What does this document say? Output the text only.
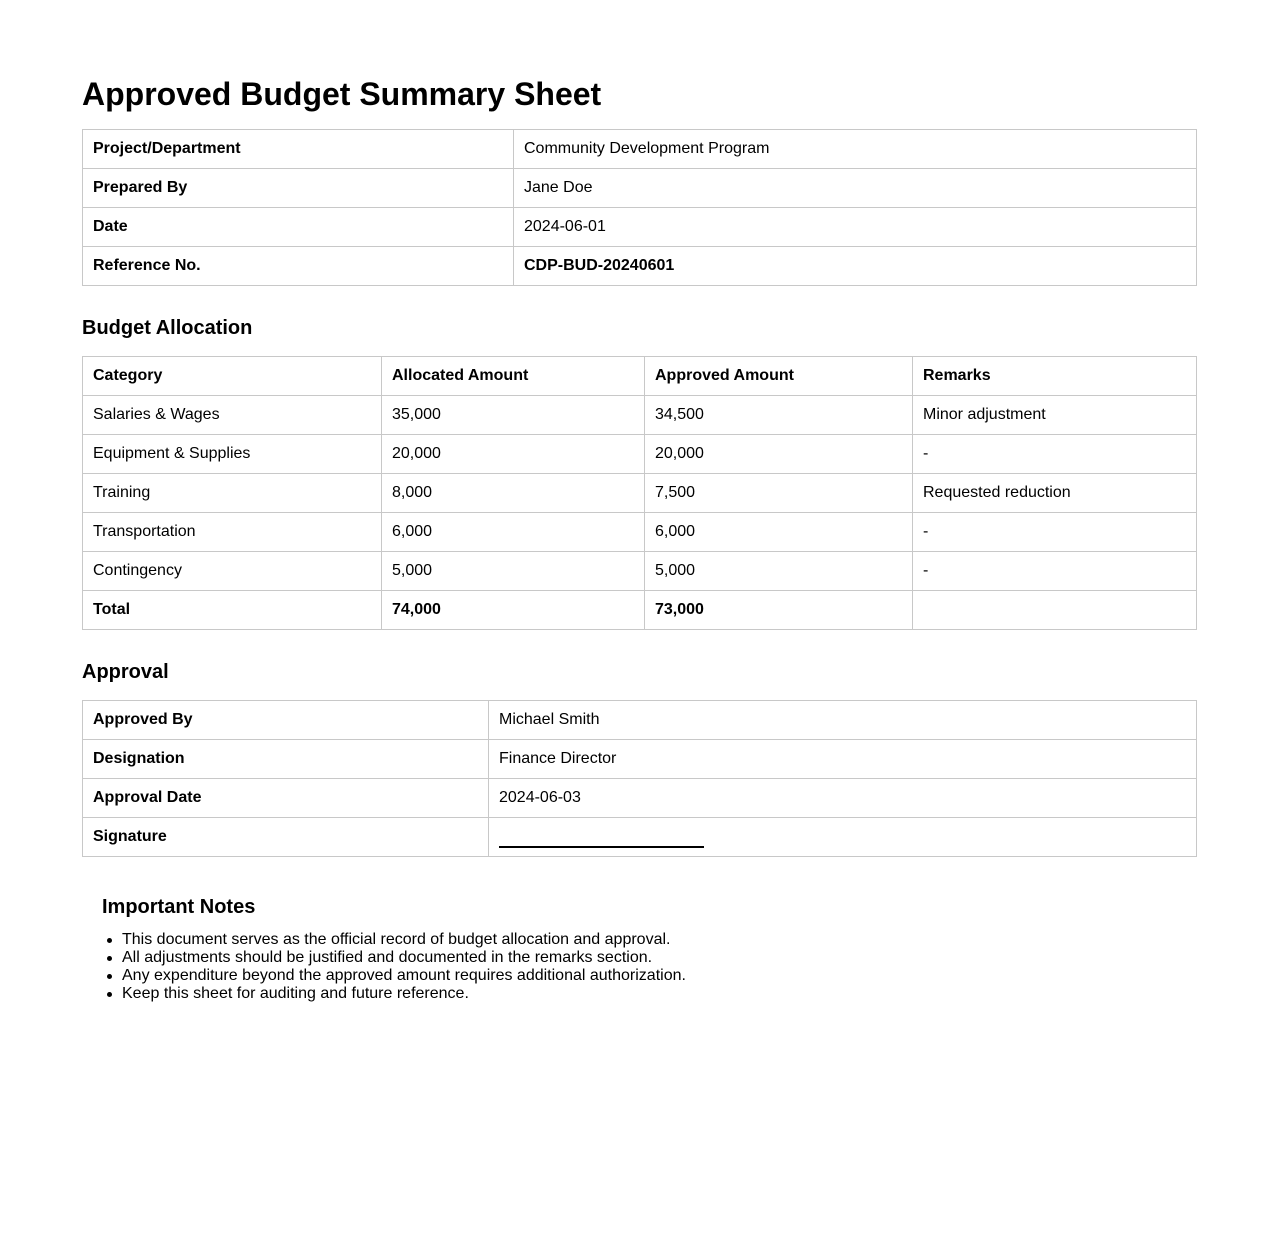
Approved Budget Summary Sheet
Project/Department	Community Development Program
Prepared By	Jane Doe
Date	2024-06-01
Reference No.	CDP-BUD-20240601
Budget Allocation
Category	Allocated Amount	Approved Amount	Remarks
Salaries & Wages	35,000	34,500	Minor adjustment
Equipment & Supplies	20,000	20,000	-
Training	8,000	7,500	Requested reduction
Transportation	6,000	6,000	-
Contingency	5,000	5,000	-
Total	74,000	73,000	
Approval
Approved By	Michael Smith
Designation	Finance Director
Approval Date	2024-06-03
Signature	
Important Notes
This document serves as the official record of budget allocation and approval.
All adjustments should be justified and documented in the remarks section.
Any expenditure beyond the approved amount requires additional authorization.
Keep this sheet for auditing and future reference.
